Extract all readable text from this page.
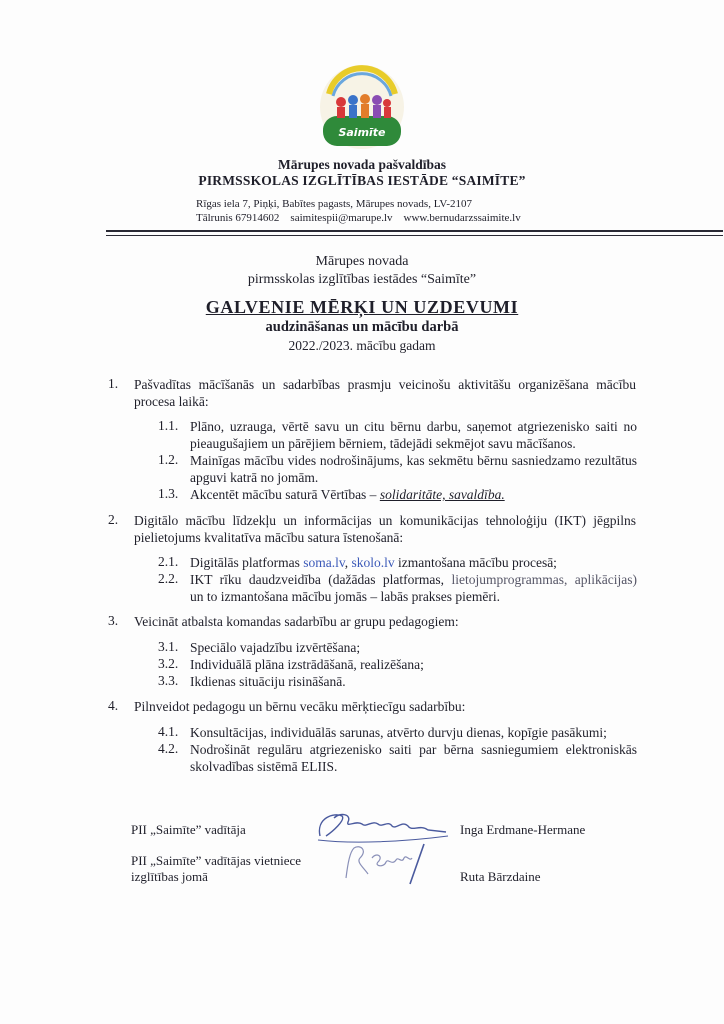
Saimīte
Mārupes novada pašvaldības
PIRMSSKOLAS IZGLĪTĪBAS IESTĀDE “SAIMĪTE”
Rīgas iela 7, Piņķi, Babītes pagasts, Mārupes novads, LV-2107
Tālrunis 67914602 saimitespii@marupe.lv www.bernudarzssaimite.lv
Mārupes novada
pirmsskolas izglītības iestādes “Saimīte”
GALVENIE MĒRĶI UN UZDEVUMI
audzināšanas un mācību darbā
2022./2023. mācību gadam
1. Pašvadītas mācīšanās un sadarbības prasmju veicinošu aktivitāšu organizēšana mācību
procesa laikā:
1.1. Plāno, uzrauga, vērtē savu un citu bērnu darbu, saņemot atgriezenisko saiti no
pieaugušajiem un pārējiem bērniem, tādejādi sekmējot savu mācīšanos.
1.2. Mainīgas mācību vides nodrošinājums, kas sekmētu bērnu sasniedzamo rezultātus
apguvi katrā no jomām.
1.3. Akcentēt mācību saturā Vērtības – solidaritāte, savaldība.
2. Digitālo mācību līdzekļu un informācijas un komunikācijas tehnoloģiju (IKT) jēgpilns
pielietojums kvalitatīva mācību satura īstenošanā:
2.1. Digitālās platformas soma.lv, skolo.lv izmantošana mācību procesā;
2.2. IKT rīku daudzveidība (dažādas platformas, lietojumprogrammas, aplikācijas)
un to izmantošana mācību jomās – labās prakses piemēri.
3. Veicināt atbalsta komandas sadarbību ar grupu pedagogiem:
3.1. Speciālo vajadzību izvērtēšana;
3.2. Individuālā plāna izstrādāšanā, realizēšana;
3.3. Ikdienas situāciju risināšanā.
4. Pilnveidot pedagogu un bērnu vecāku mērķtiecīgu sadarbību:
4.1. Konsultācijas, individuālās sarunas, atvērto durvju dienas, kopīgie pasākumi;
4.2. Nodrošināt regulāru atgriezenisko saiti par bērna sasniegumiem elektroniskās
skolvadības sistēmā ELIIS.
PII „Saimīte” vadītāja	Inga Erdmane-Hermane
PII „Saimīte” vadītājas vietniece
izglītības jomā	Ruta Bārzdaine
